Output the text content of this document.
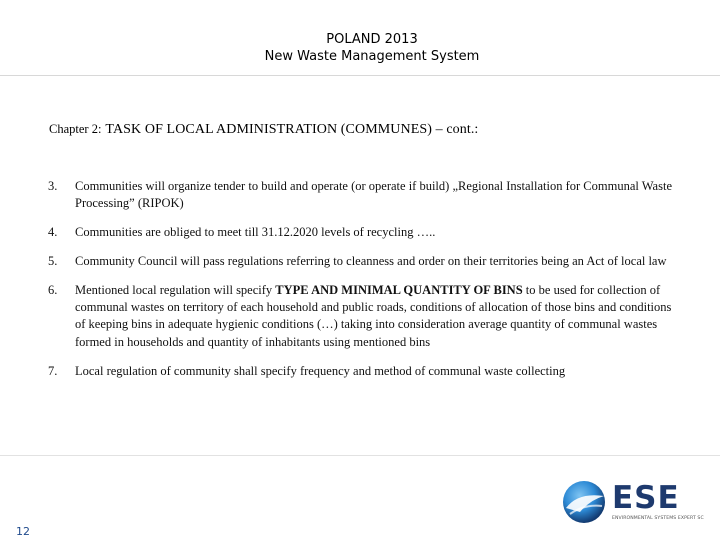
POLAND 2013
New Waste Management System
Chapter 2: TASK OF LOCAL ADMINISTRATION (COMMUNES) – cont.:
3.	Communities will organize tender to build and operate (or operate if build) „Regional Installation for Communal Waste Processing” (RIPOK)
4.	Communities are obliged to meet till 31.12.2020 levels of recycling …..
5.	Community Council will pass regulations referring to cleanness and order on their territories being an Act of local law
6.	Mentioned local regulation will specify TYPE AND MINIMAL QUANTITY OF BINS to be used for collection of communal wastes on territory of each household and public roads, conditions of allocation of those bins and conditions of keeping bins in adequate hygienic conditions (…) taking into consideration average quantity of communal wastes formed in households and quantity of inhabitants using mentioned bins
7.	Local regulation of community shall specify frequency and method of communal waste collecting
12
ESE
ENVIRONMENTAL SYSTEMS EXPERT SC
